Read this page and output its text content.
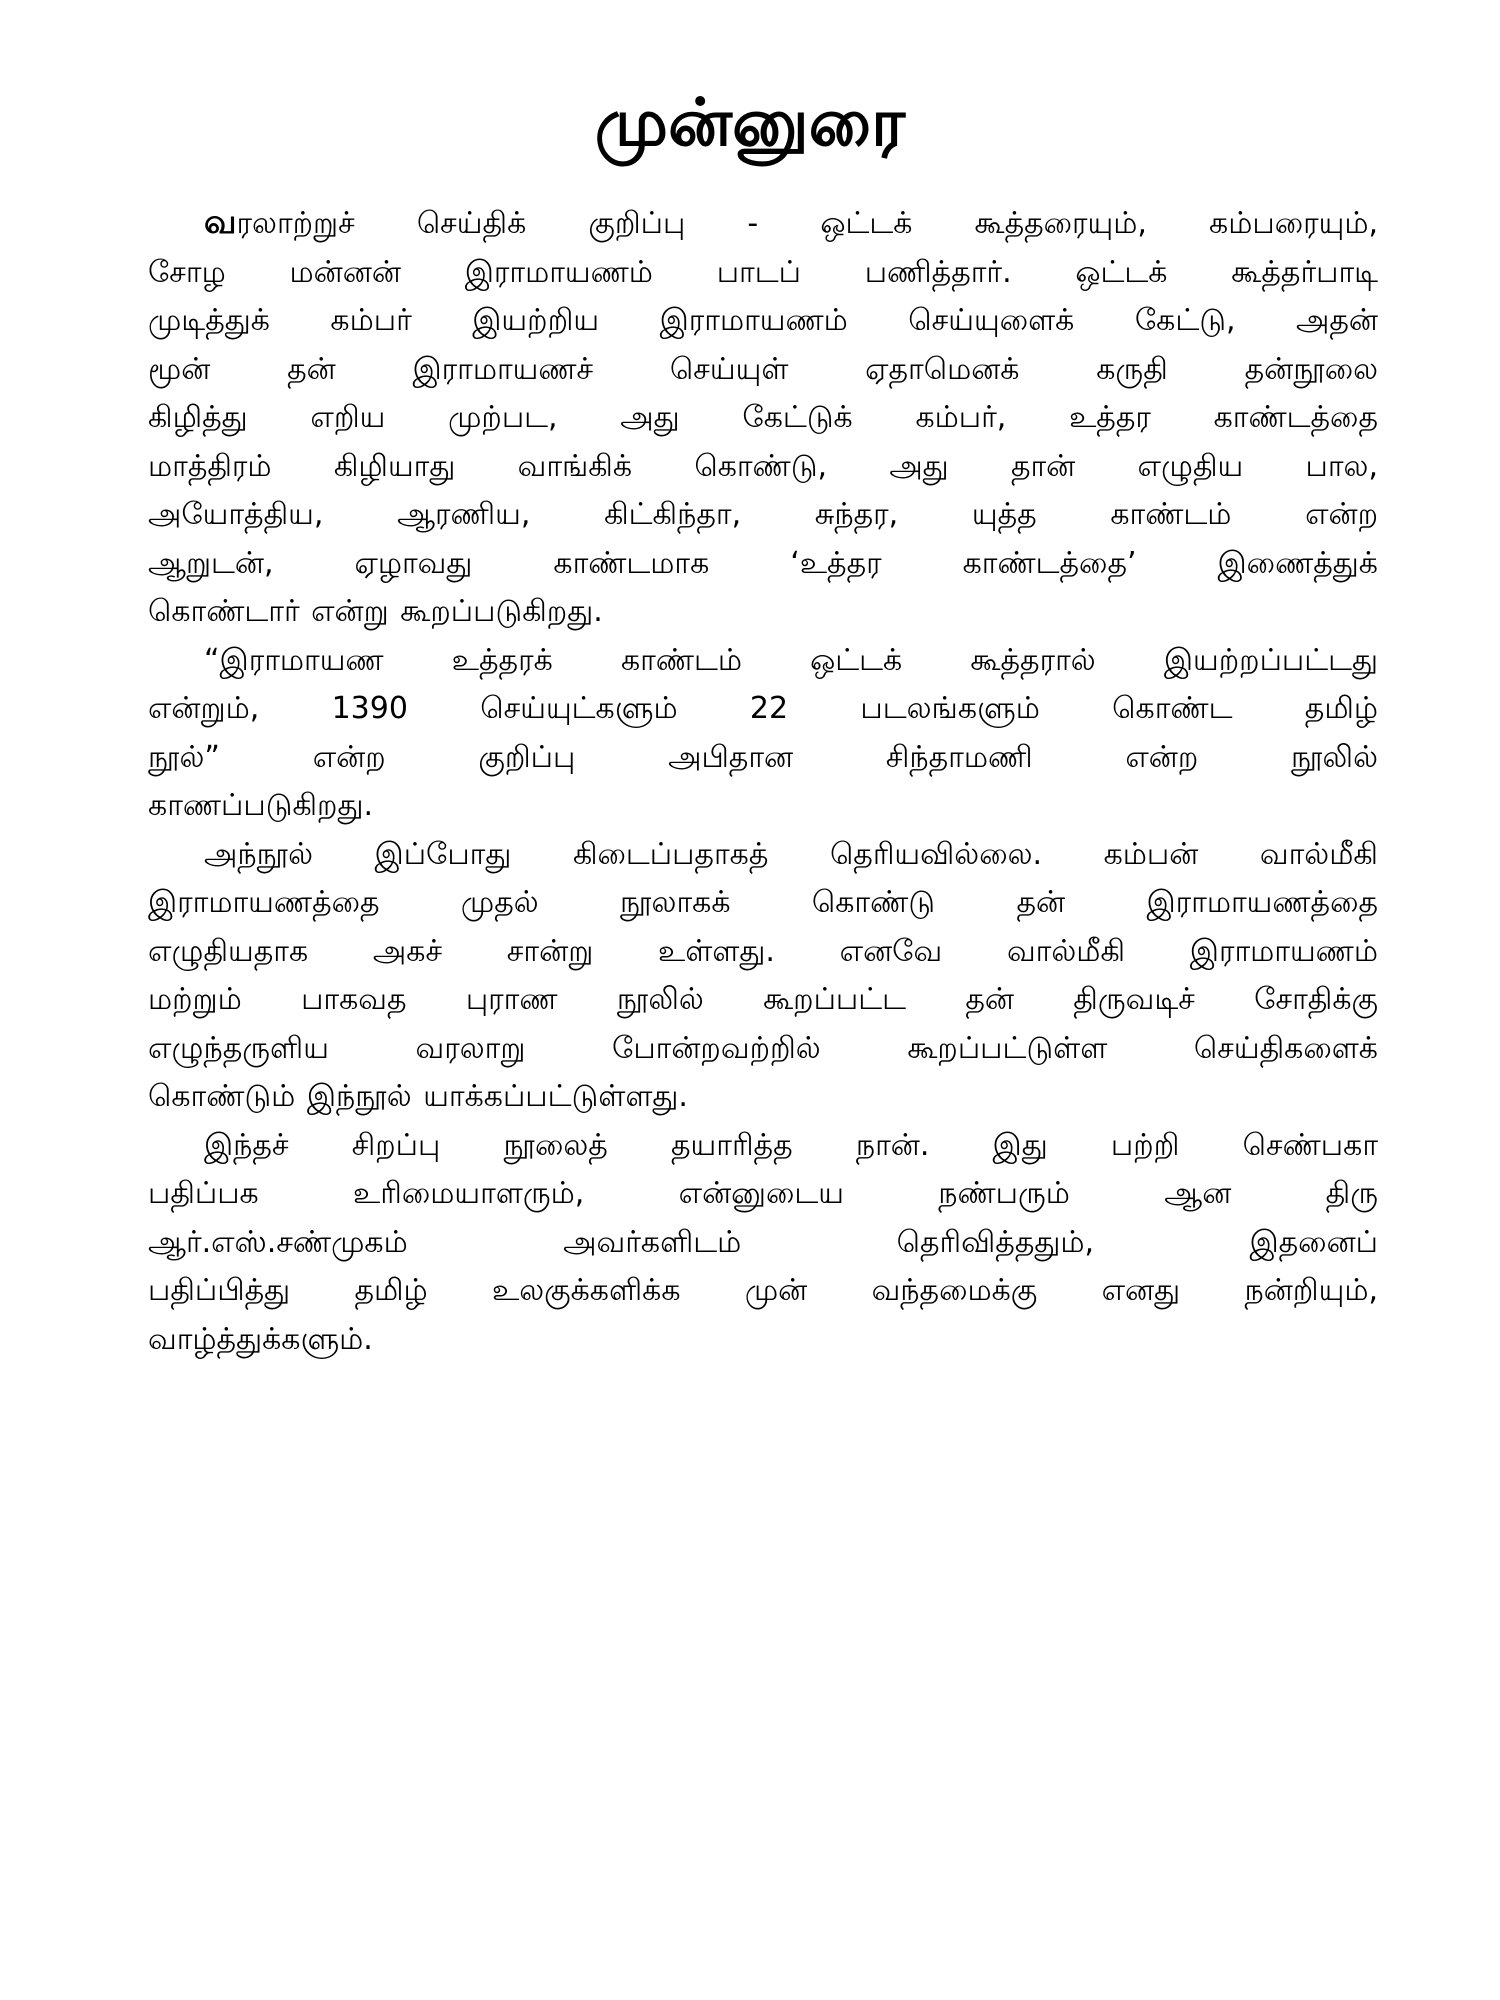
முன்னுரை

வரலாற்றுச் செய்திக் குறிப்பு - ஒட்டக் கூத்தரையும், கம்பரையும்,
சோழ மன்னன் இராமாயணம் பாடப் பணித்தார். ஒட்டக் கூத்தர்பாடி
முடித்துக் கம்பர் இயற்றிய இராமாயணம் செய்யுளைக் கேட்டு, அதன்
மூன் தன் இராமாயணச் செய்யுள் ஏதாமெனக் கருதி தன்நூலை
கிழித்து எறிய முற்பட, அது கேட்டுக் கம்பர், உத்தர காண்டத்தை
மாத்திரம் கிழியாது வாங்கிக் கொண்டு, அது தான் எழுதிய பால,
அயோத்திய, ஆரணிய, கிட்கிந்தா, சுந்தர, யுத்த காண்டம் என்ற
ஆறுடன், ஏழாவது காண்டமாக ‘உத்தர காண்டத்தை’ இணைத்துக்
கொண்டார் என்று கூறப்படுகிறது.

“இராமாயண உத்தரக் காண்டம் ஒட்டக் கூத்தரால் இயற்றப்பட்டது
என்றும், 1390 செய்யுட்களும் 22 படலங்களும் கொண்ட தமிழ்
நூல்” என்ற குறிப்பு அபிதான சிந்தாமணி என்ற நூலில்
காணப்படுகிறது.

அந்நூல் இப்போது கிடைப்பதாகத் தெரியவில்லை. கம்பன் வால்மீகி
இராமாயணத்தை முதல் நூலாகக் கொண்டு தன் இராமாயணத்தை
எழுதியதாக அகச் சான்று உள்ளது. எனவே வால்மீகி இராமாயணம்
மற்றும் பாகவத புராண நூலில் கூறப்பட்ட தன் திருவடிச் சோதிக்கு
எழுந்தருளிய வரலாறு போன்றவற்றில் கூறப்பட்டுள்ள செய்திகளைக்
கொண்டும் இந்நூல் யாக்கப்பட்டுள்ளது.

இந்தச் சிறப்பு நூலைத் தயாரித்த நான். இது பற்றி செண்பகா
பதிப்பக உரிமையாளரும், என்னுடைய நண்பரும் ஆன திரு
ஆர்.எஸ்.சண்முகம் அவர்களிடம் தெரிவித்ததும், இதனைப்
பதிப்பித்து தமிழ் உலகுக்களிக்க முன் வந்தமைக்கு எனது நன்றியும்,
வாழ்த்துக்களும்.
